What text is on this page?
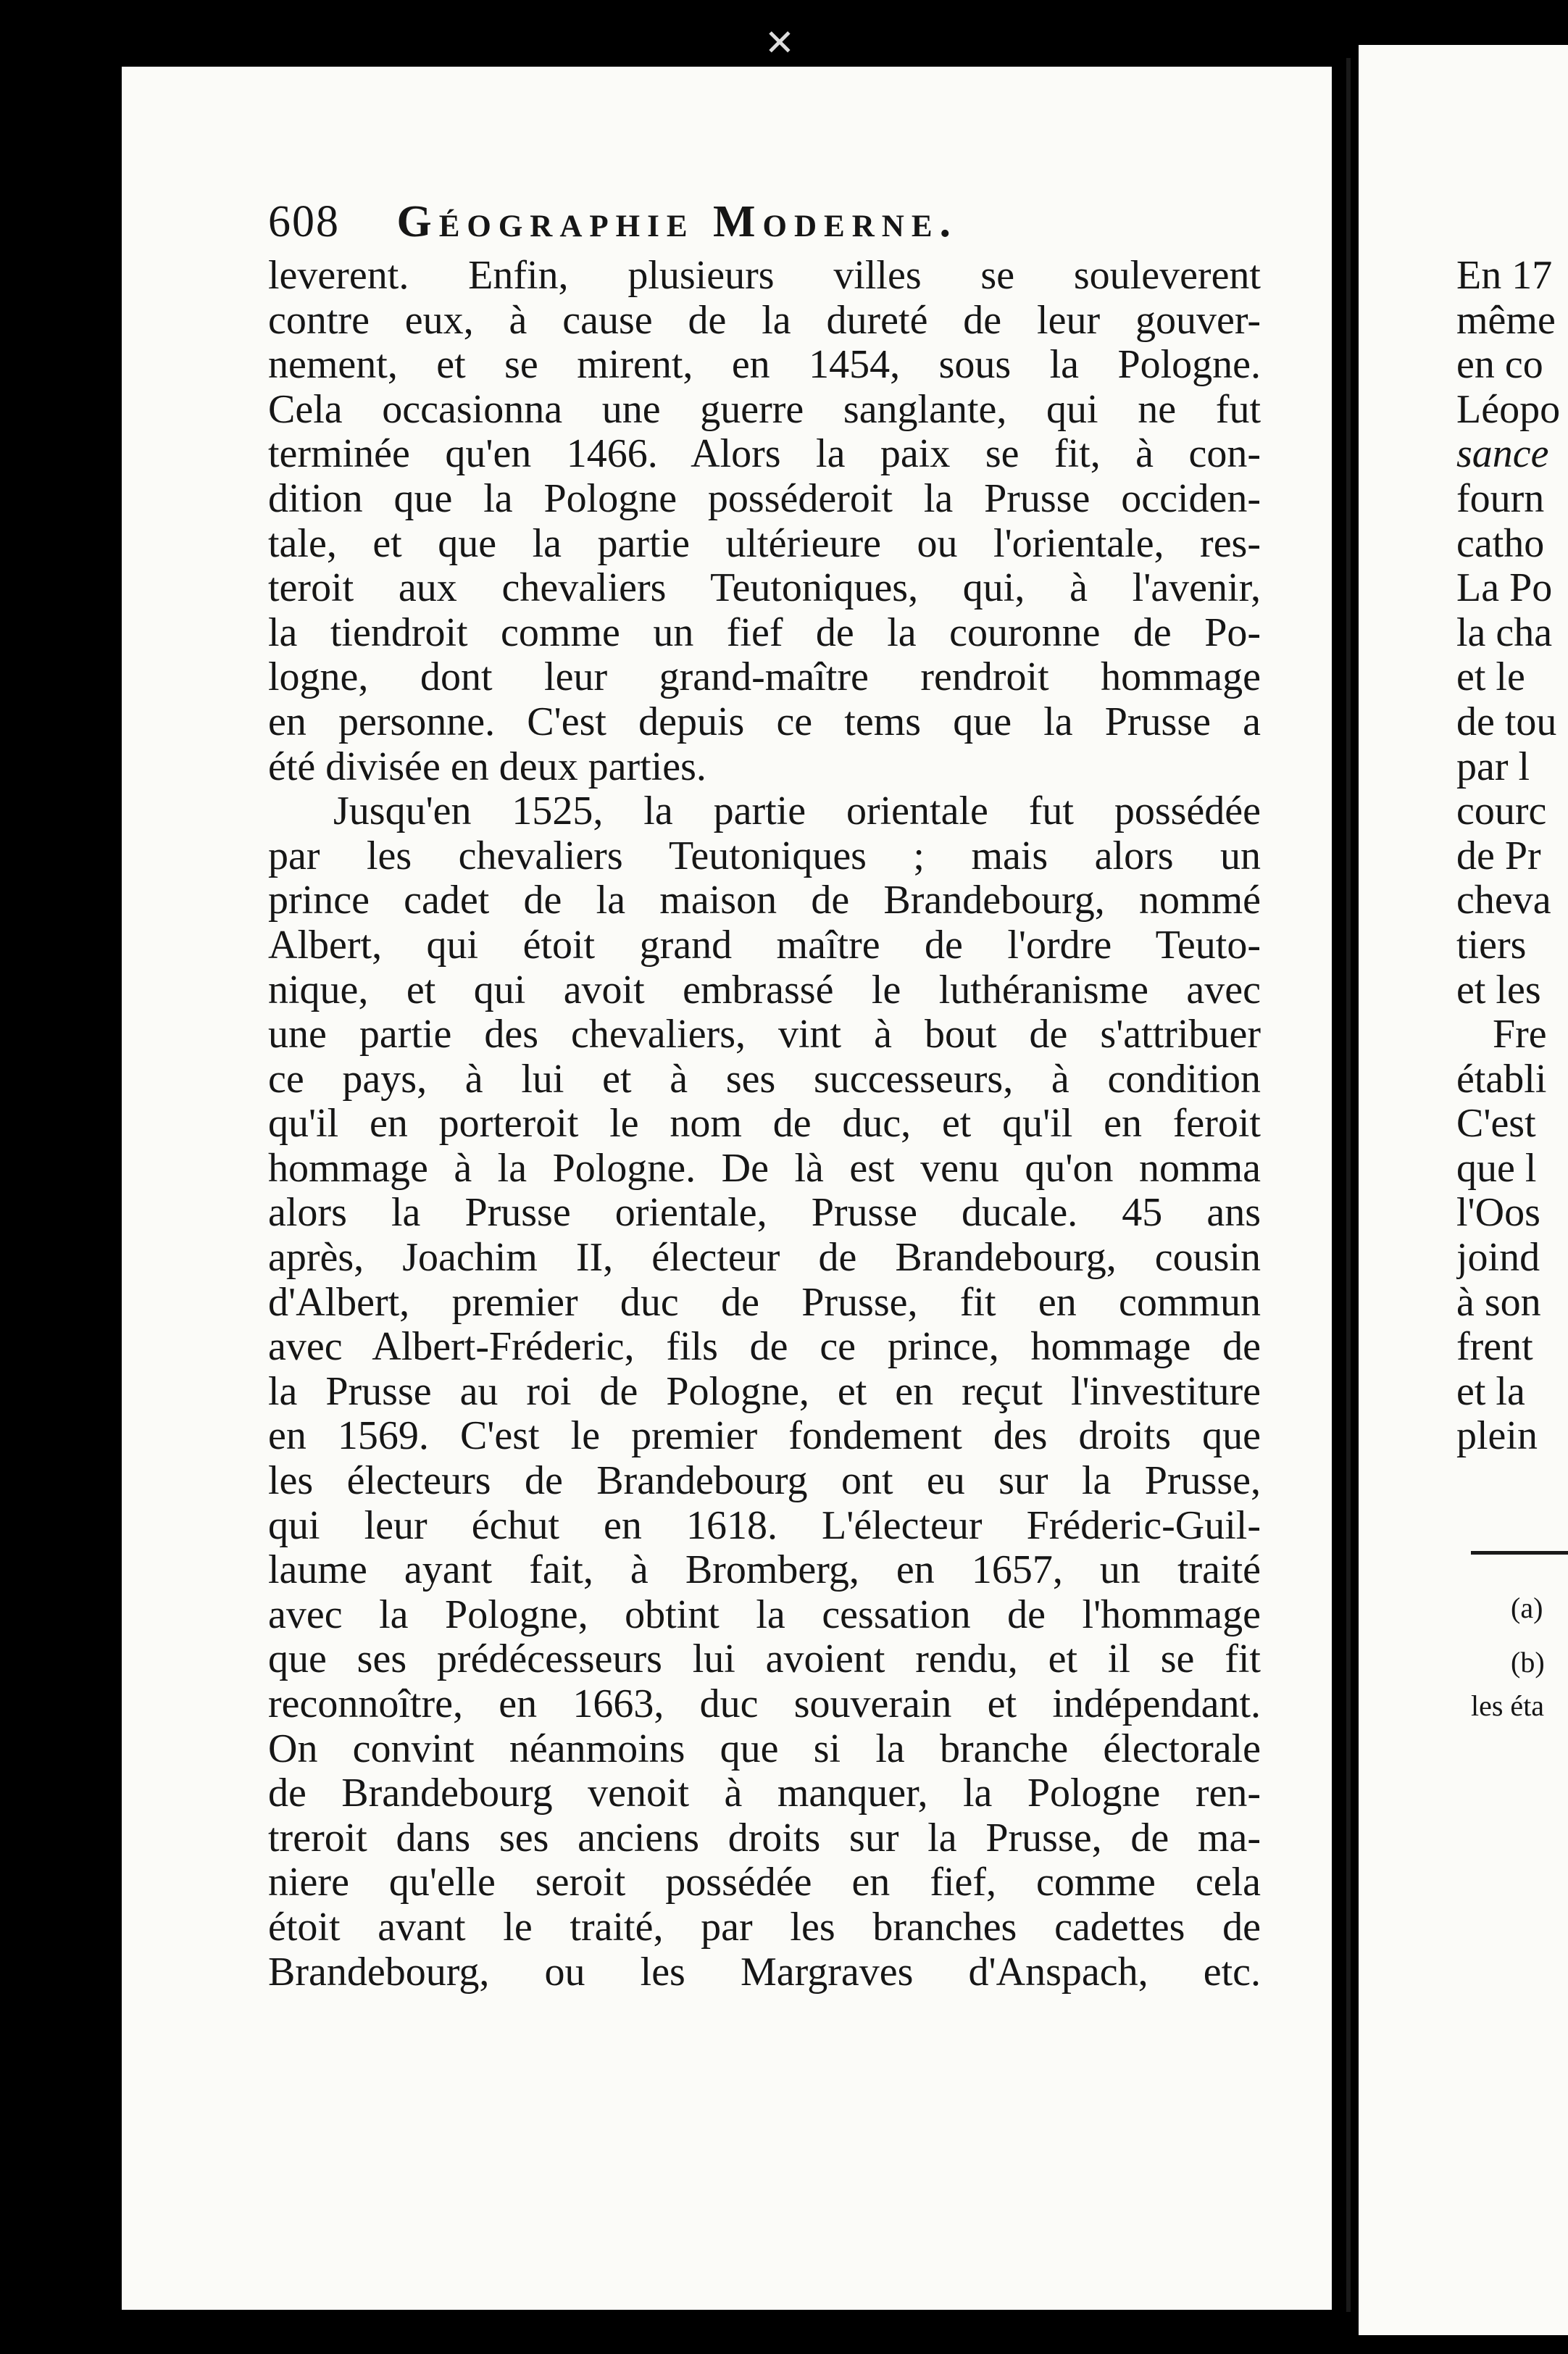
608 Géographie Moderne.
leverent. Enfin, plusieurs villes se souleverent
contre eux, à cause de la dureté de leur gouver-
nement, et se mirent, en 1454, sous la Pologne.
Cela occasionna une guerre sanglante, qui ne fut
terminée qu'en 1466. Alors la paix se fit, à con-
dition que la Pologne posséderoit la Prusse occiden-
tale, et que la partie ultérieure ou l'orientale, res-
teroit aux chevaliers Teutoniques, qui, à l'avenir,
la tiendroit comme un fief de la couronne de Po-
logne, dont leur grand-maître rendroit hommage
en personne. C'est depuis ce tems que la Prusse a
été divisée en deux parties.
Jusqu'en 1525, la partie orientale fut possédée
par les chevaliers Teutoniques ; mais alors un
prince cadet de la maison de Brandebourg, nommé
Albert, qui étoit grand maître de l'ordre Teuto-
nique, et qui avoit embrassé le luthéranisme avec
une partie des chevaliers, vint à bout de s'attribuer
ce pays, à lui et à ses successeurs, à condition
qu'il en porteroit le nom de duc, et qu'il en feroit
hommage à la Pologne. De là est venu qu'on nomma
alors la Prusse orientale, Prusse ducale. 45 ans
après, Joachim II, électeur de Brandebourg, cousin
d'Albert, premier duc de Prusse, fit en commun
avec Albert-Fréderic, fils de ce prince, hommage de
la Prusse au roi de Pologne, et en reçut l'investiture
en 1569. C'est le premier fondement des droits que
les électeurs de Brandebourg ont eu sur la Prusse,
qui leur échut en 1618. L'électeur Fréderic-Guil-
laume ayant fait, à Bromberg, en 1657, un traité
avec la Pologne, obtint la cessation de l'hommage
que ses prédécesseurs lui avoient rendu, et il se fit
reconnoître, en 1663, duc souverain et indépendant.
On convint néanmoins que si la branche électorale
de Brandebourg venoit à manquer, la Pologne ren-
treroit dans ses anciens droits sur la Prusse, de ma-
niere qu'elle seroit possédée en fief, comme cela
étoit avant le traité, par les branches cadettes de
Brandebourg, ou les Margraves d'Anspach, etc.
En 17
même
en co
Léopo
sance
fourn
catho
La Po
la cha
et le
de tou
par l
courc
de Pr
cheva
tiers
et les
Fre
établi
C'est
que l
l'Oos
joind
à son
frent
et la
plein
(a)
(b)
les éta
✕
